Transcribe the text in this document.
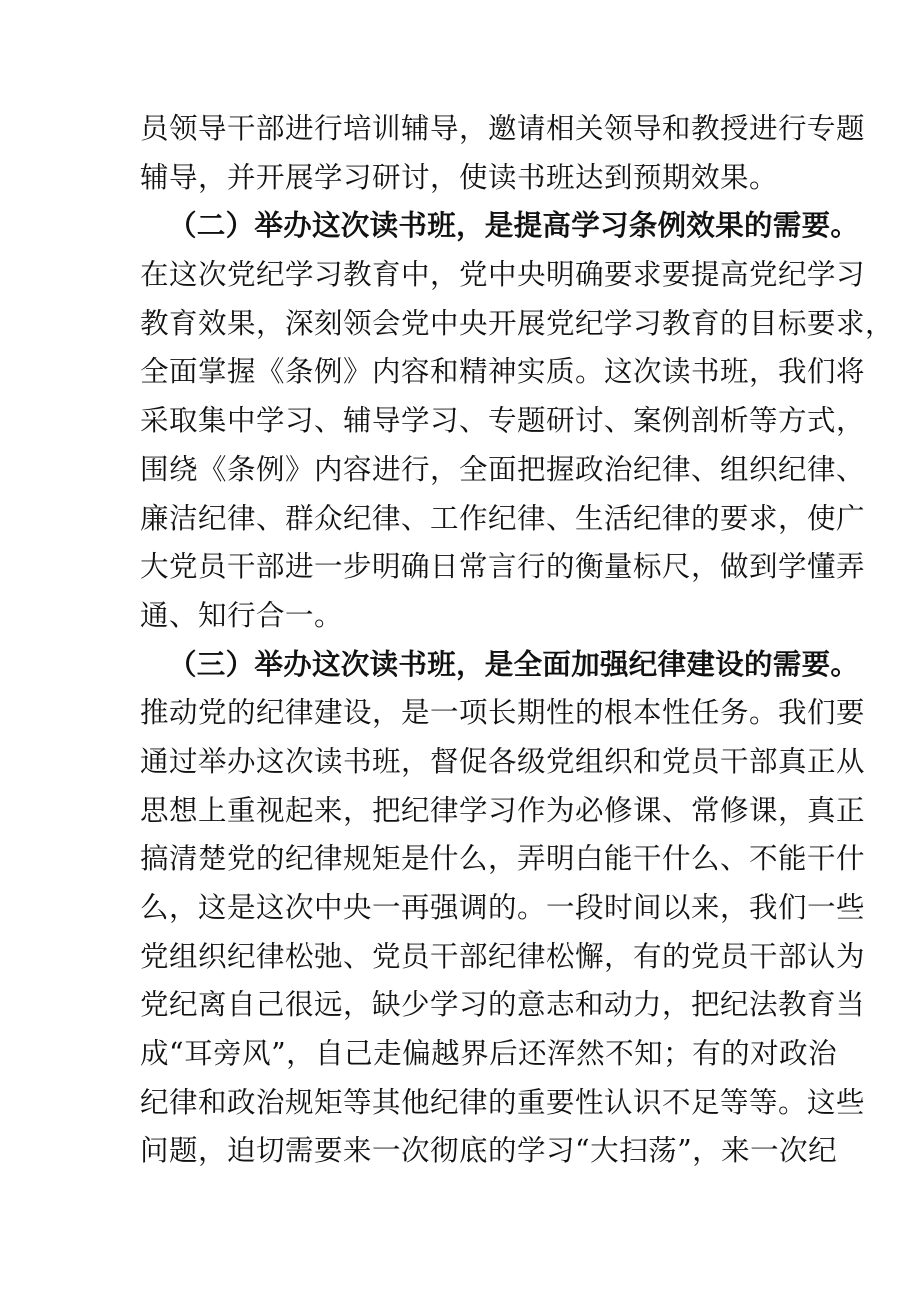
员领导干部进行培训辅导，邀请相关领导和教授进行专题
辅导，并开展学习研讨，使读书班达到预期效果。
（二）举办这次读书班，是提高学习条例效果的需要。
在这次党纪学习教育中，党中央明确要求要提高党纪学习
教育效果，深刻领会党中央开展党纪学习教育的目标要求，
全面掌握《条例》内容和精神实质。这次读书班，我们将
采取集中学习、辅导学习、专题研讨、案例剖析等方式，
围绕《条例》内容进行，全面把握政治纪律、组织纪律、
廉洁纪律、群众纪律、工作纪律、生活纪律的要求，使广
大党员干部进一步明确日常言行的衡量标尺，做到学懂弄
通、知行合一。
（三）举办这次读书班，是全面加强纪律建设的需要。
推动党的纪律建设，是一项长期性的根本性任务。我们要
通过举办这次读书班，督促各级党组织和党员干部真正从
思想上重视起来，把纪律学习作为必修课、常修课，真正
搞清楚党的纪律规矩是什么，弄明白能干什么、不能干什
么，这是这次中央一再强调的。一段时间以来，我们一些
党组织纪律松弛、党员干部纪律松懈，有的党员干部认为
党纪离自己很远，缺少学习的意志和动力，把纪法教育当
成“耳旁风”，自己走偏越界后还浑然不知；有的对政治
纪律和政治规矩等其他纪律的重要性认识不足等等。这些
问题，迫切需要来一次彻底的学习“大扫荡”，来一次纪
